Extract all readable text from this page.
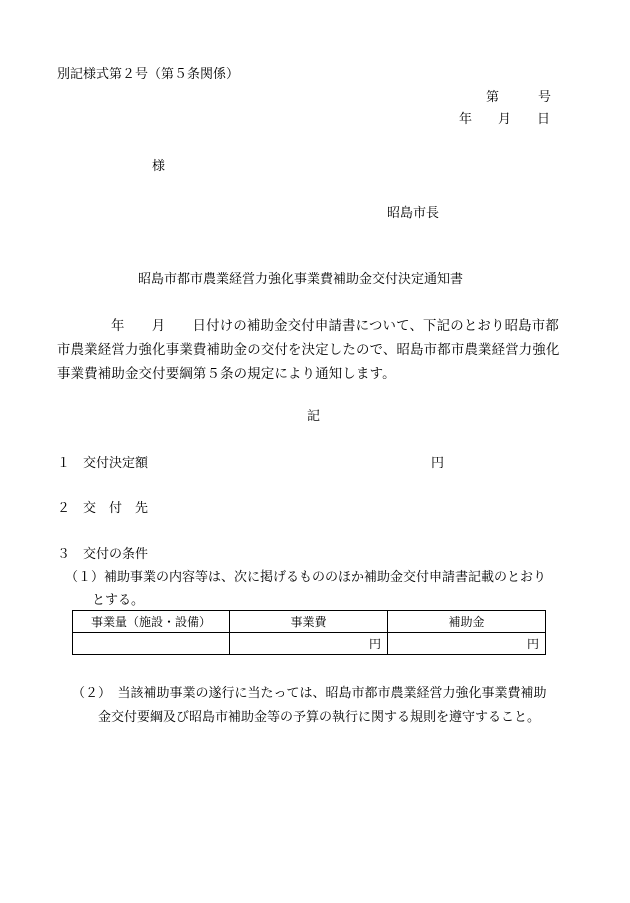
別記様式第２号（第５条関係）
第　　　号
年　　月　　日
様
昭島市長
昭島市都市農業経営力強化事業費補助金交付決定通知書
年　　月　　日付けの補助金交付申請書について、下記のとおり昭島市都
市農業経営力強化事業費補助金の交付を決定したので、昭島市都市農業経営力強化
事業費補助金交付要綱第５条の規定により通知します。
記
１　交付決定額	円
２　交　付　先
３　交付の条件
（１）補助事業の内容等は、次に掲げるもののほか補助金交付申請書記載のとおり
とする。
事業量（施設・設備）	事業費	補助金
	円	円
（２）　当該補助事業の遂行に当たっては、昭島市都市農業経営力強化事業費補助
金交付要綱及び昭島市補助金等の予算の執行に関する規則を遵守すること。
